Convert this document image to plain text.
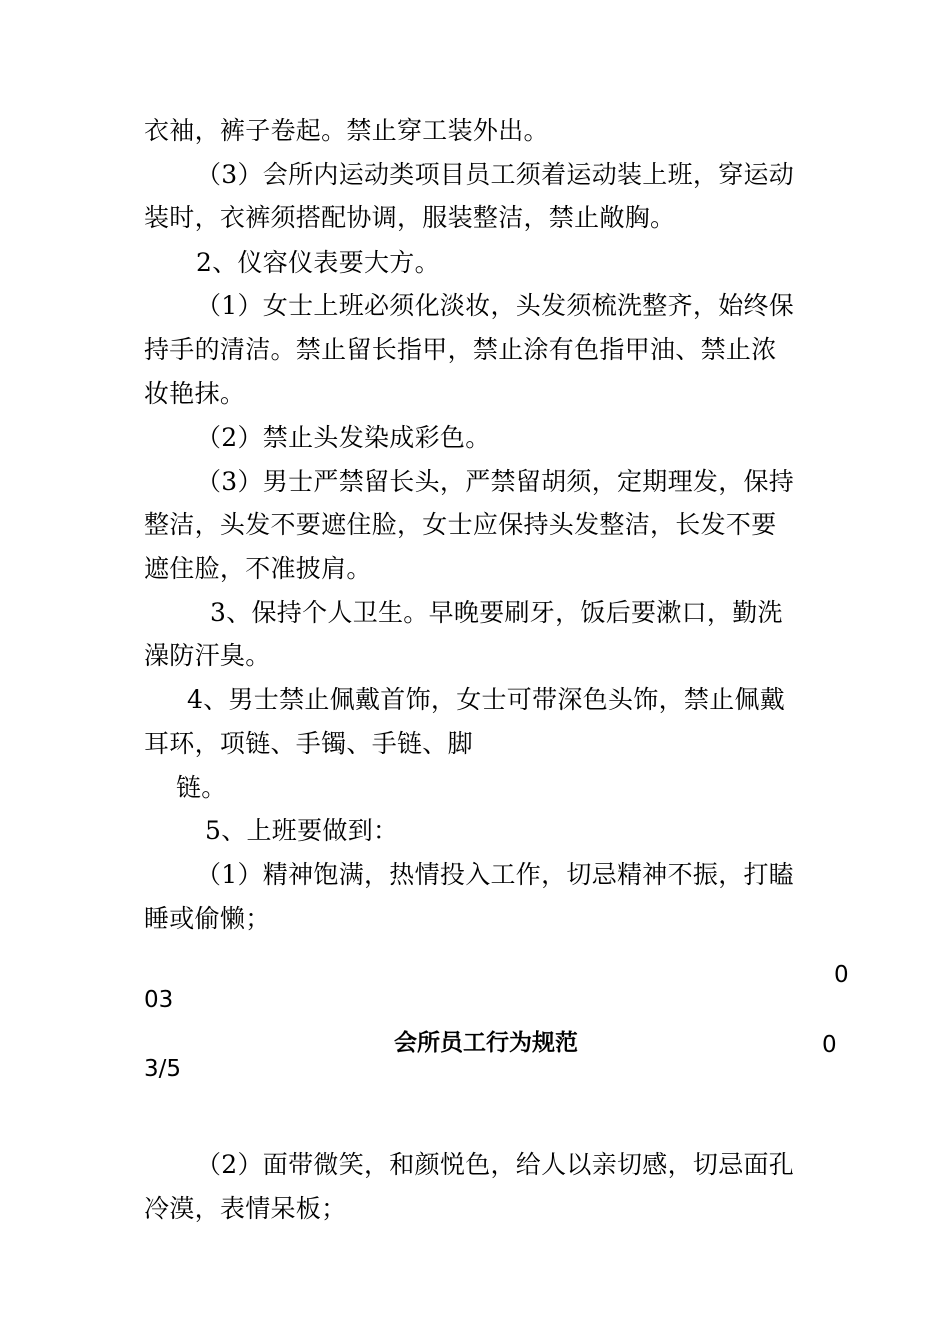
衣袖，裤子卷起。禁止穿工装外出。
（3）会所内运动类项目员工须着运动装上班，穿运动
装时，衣裤须搭配协调，服装整洁，禁止敞胸。
2、仪容仪表要大方。
（1）女士上班必须化淡妆，头发须梳洗整齐，始终保
持手的清洁。禁止留长指甲，禁止涂有色指甲油、禁止浓
妆艳抹。
（2）禁止头发染成彩色。
（3）男士严禁留长头，严禁留胡须，定期理发，保持
整洁，头发不要遮住脸，女士应保持头发整洁，长发不要
遮住脸，不准披肩。
3、保持个人卫生。早晚要刷牙，饭后要漱口，勤洗
澡防汗臭。
4、男士禁止佩戴首饰，女士可带深色头饰，禁止佩戴
耳环，项链、手镯、手链、脚
链。
5、上班要做到：
（1）精神饱满，热情投入工作，切忌精神不振，打瞌
睡或偷懒；
0
03
会所员工行为规范	0
3/5
（2）面带微笑，和颜悦色，给人以亲切感，切忌面孔
冷漠，表情呆板；
